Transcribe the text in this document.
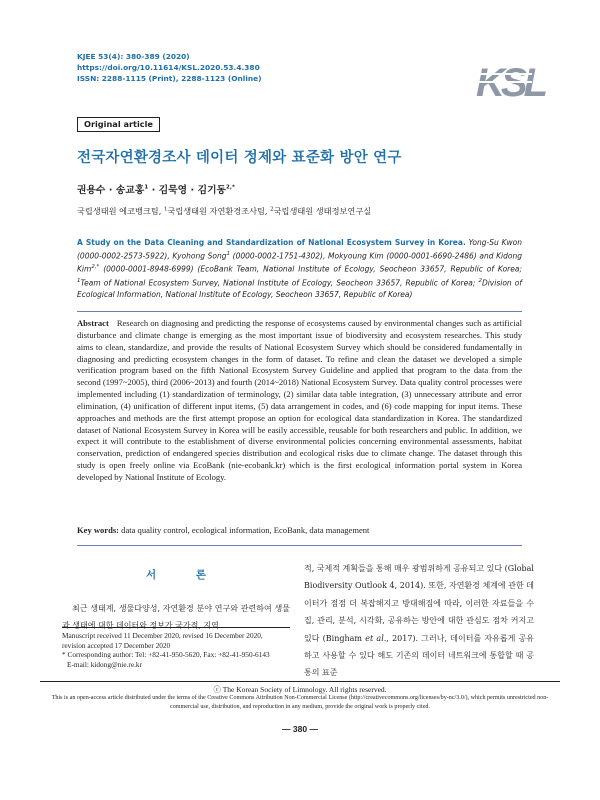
KJEE 53(4): 380-389 (2020)
https://doi.org/10.11614/KSL.2020.53.4.380
ISSN: 2288-1115 (Print), 2288-1123 (Online)	KSL
Original article
전국자연환경조사 데이터 정제와 표준화 방안 연구
권용수 · 송교홍$^1$ · 김묵영 · 김기동$^{2,*}$
국립생태원 에코뱅크팀, $^1$국립생태원 자연환경조사팀, $^2$국립생태원 생태정보연구실
A Study on the Data Cleaning and Standardization of National Ecosystem Survey in Korea. Yong-Su Kwon (0000-0002-2573-5922), Kyohong Song$^1$ (0000-0002-1751-4302), Mokyoung Kim (0000-0001-6690-2486) and Kidong Kim$^{2,*}$ (0000-0001-8948-6999) (EcoBank Team, National Institute of Ecology, Seocheon 33657, Republic of Korea; $^1$Team of National Ecosystem Survey, National Institute of Ecology, Seocheon 33657, Republic of Korea; $^2$Division of Ecological Information, National Institute of Ecology, Seocheon 33657, Republic of Korea)
Abstract Research on diagnosing and predicting the response of ecosystems caused by environmental changes such as artificial disturbance and climate change is emerging as the most important issue of biodiversity and ecosystem researches. This study aims to clean, standardize, and provide the results of National Ecosystem Survey which should be considered fundamentally in diagnosing and predicting ecosystem changes in the form of dataset. To refine and clean the dataset we developed a simple verification program based on the fifth National Ecosystem Survey Guideline and applied that program to the data from the second (1997~2005), third (2006~2013) and fourth (2014~2018) National Ecosystem Survey. Data quality control processes were implemented including (1) standardization of terminology, (2) similar data table integration, (3) unnecessary attribute and error elimination, (4) unification of different input items, (5) data arrangement in codes, and (6) code mapping for input items. These approaches and methods are the first attempt propose an option for ecological data standardization in Korea. The standardized dataset of National Ecosystem Survey in Korea will be easily accessible, reusable for both researchers and public. In addition, we expect it will contribute to the establishment of diverse environmental policies concerning environmental assessments, habitat conservation, prediction of endangered species distribution and ecological risks due to climate change. The dataset through this study is open freely online via EcoBank (nie-ecobank.kr) which is the first ecological information portal system in Korea developed by National Institute of Ecology.
Key words: data quality control, ecological information, EcoBank, data management
서 론
최근 생태계, 생물다양성, 자연환경 분야 연구와 관련하여 생물과 생태에 대한 데이터와 정보가 국가적, 지역
Manuscript received 11 December 2020, revised 16 December 2020,
revision accepted 17 December 2020
* Corresponding author: Tel: +82-41-950-5620, Fax: +82-41-950-6143
E-mail: kidong@nie.re.kr
적, 국제적 계획들을 통해 매우 광범위하게 공유되고 있다 (Global Biodiversity Outlook 4, 2014). 또한, 자연환경 체계에 관한 데이터가 점점 더 복잡해지고 방대해짐에 따라, 이러한 자료들을 수집, 관리, 분석, 시각화, 공유하는 방안에 대한 관심도 점차 커지고 있다 (Bingham et al., 2017). 그러나, 데이터를 자유롭게 공유하고 사용할 수 있다 해도 기존의 데이터 네트워크에 통합할 때 공통의 표준
ⓒ The Korean Society of Limnology. All rights reserved.
This is an open-access article distributed under the terms of the Creative Commons Attribution Non-Commercial License (http://creativecommons.org/licenses/by-nc/3.0/), which permits unrestricted non-commercial use, distribution, and reproduction in any medium, provide the original work is properly cited.
— 380 —
